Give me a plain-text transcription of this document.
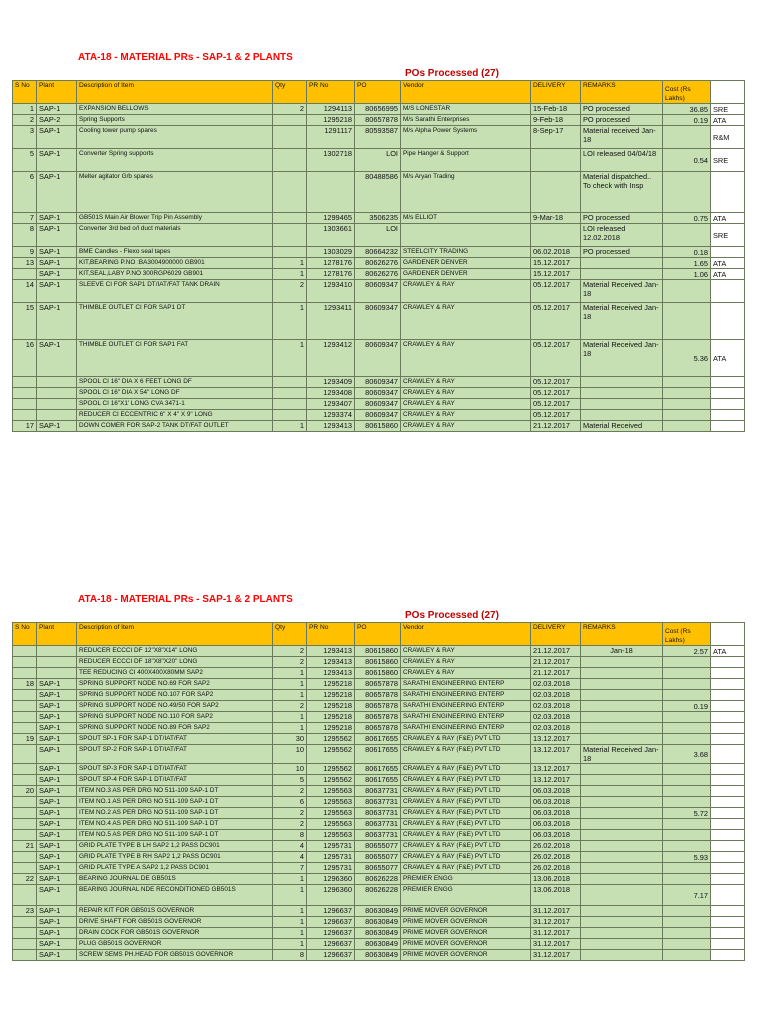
ATA-18 - MATERIAL PRs - SAP-1 & 2 PLANTS
POs Processed (27)
S No	Plant	Description of Item	Qty	PR No	PO	Vendor	DELIVERY	REMARKS	Cost (Rs Lakhs)	
1	SAP-1	EXPANSION BELLOWS	2	1294113	80656995	M/S LONESTAR	15-Feb-18	PO processed	36.85	SRE
2	SAP-2	Spring Supports		1295218	80657878	M/s Sarathi Enterprises	9-Feb-18	PO processed	0.19	ATA
3	SAP-1	Cooling tower pump spares		1291117	80593587	M/s Alpha Power Systems	8-Sep-17	Material received Jan-18		R&M
5	SAP-1	Converter Spring supports		1302718	LOI	Pipe Hanger & Support		LOI released 04/04/18	0.54	SRE
6	SAP-1	Melter agitator G/b spares			80488586	M/s Aryan Trading		Material dispatched.. To check with Insp		
7	SAP-1	GB501S Main Air Blower Trip Pin Assembly		1299465	3506235	M/s ELLIOT	9-Mar-18	PO processed	0.75	ATA
8	SAP-1	Converter 3rd bed o/l duct materials		1303661	LOI			LOI released 12.02.2018		SRE
9	SAP-1	BME Candles - Flexo seal tapes		1303029	80664232	STEELCITY TRADING	06.02.2018	PO processed	0.18	
13	SAP-1	KIT,BEARING P.NO :BA3004900000 GB901	1	1278176	80626276	GARDENER DENVER	15.12.2017		1.65	ATA
	SAP-1	KIT,SEAL,LABY P.NO 300RGP6029 GB901	1	1278176	80626276	GARDENER DENVER	15.12.2017		1.06	ATA
14	SAP-1	SLEEVE CI FOR SAP1 DT/IAT/FAT TANK DRAIN	2	1293410	80609347	CRAWLEY & RAY	05.12.2017	Material Received Jan-18		
15	SAP-1	THIMBLE OUTLET CI FOR SAP1 DT	1	1293411	80609347	CRAWLEY & RAY	05.12.2017	Material Received Jan-18		
16	SAP-1	THIMBLE OUTLET CI FOR SAP1 FAT	1	1293412	80609347	CRAWLEY & RAY	05.12.2017	Material Received Jan-18	5.36	ATA
		SPOOL CI 16" DIA X 6 FEET LONG DF		1293409	80609347	CRAWLEY & RAY	05.12.2017			
		SPOOL CI 16" DIA X 54" LONG DF		1293408	80609347	CRAWLEY & RAY	05.12.2017			
		SPOOL CI 16"X1' LONG CVA 3471-1		1293407	80609347	CRAWLEY & RAY	05.12.2017			
		REDUCER CI ECCENTRIC 6" X 4" X 9" LONG		1293374	80609347	CRAWLEY & RAY	05.12.2017			
17	SAP-1	DOWN COMER FOR SAP-2 TANK DT/FAT OUTLET	1	1293413	80615860	CRAWLEY & RAY	21.12.2017	Material Received		
ATA-18 - MATERIAL PRs - SAP-1 & 2 PLANTS
POs Processed (27)
S No	Plant	Description of Item	Qty	PR No	PO	Vendor	DELIVERY	REMARKS	Cost (Rs Lakhs)	
		REDUCER ECCCI DF 12"X8"X14" LONG	2	1293413	80615860	CRAWLEY & RAY	21.12.2017	Jan-18	2.57	ATA
		REDUCER ECCCI DF 18"X8"X20" LONG	2	1293413	80615860	CRAWLEY & RAY	21.12.2017			
		TEE REDUCING CI 400X400X80MM SAP2	1	1293413	80615860	CRAWLEY & RAY	21.12.2017			
18	SAP-1	SPRING SUPPORT NODE NO.69 FOR SAP2	1	1295218	80657878	SARATHI ENGINEERING ENTERP	02.03.2018			
	SAP-1	SPRING SUPPORT NODE NO.107 FOR SAP2	1	1295218	80657878	SARATHI ENGINEERING ENTERP	02.03.2018			
	SAP-1	SPRING SUPPORT NODE NO.49/50 FOR SAP2	2	1295218	80657878	SARATHI ENGINEERING ENTERP	02.03.2018		0.19	
	SAP-1	SPRING SUPPORT NODE NO.110 FOR SAP2	1	1295218	80657878	SARATHI ENGINEERING ENTERP	02.03.2018			
	SAP-1	SPRING SUPPORT NODE NO.89 FOR SAP2	1	1295218	80657878	SARATHI ENGINEERING ENTERP	02.03.2018			
19	SAP-1	SPOUT SP-1 FOR SAP-1 DT/IAT/FAT	30	1295562	80617655	CRAWLEY & RAY (F&E) PVT LTD	13.12.2017			
	SAP-1	SPOUT SP-2 FOR SAP-1 DT/IAT/FAT	10	1295562	80617655	CRAWLEY & RAY (F&E) PVT LTD	13.12.2017	Material Received Jan-18	3.68	
	SAP-1	SPOUT SP-3 FOR SAP-1 DT/IAT/FAT	10	1295562	80617655	CRAWLEY & RAY (F&E) PVT LTD	13.12.2017			
	SAP-1	SPOUT SP-4 FOR SAP-1 DT/IAT/FAT	5	1295562	80617655	CRAWLEY & RAY (F&E) PVT LTD	13.12.2017			
20	SAP-1	ITEM NO.3 AS PER DRG NO 511-109 SAP-1 DT	2	1295563	80637731	CRAWLEY & RAY (F&E) PVT LTD	06.03.2018			
	SAP-1	ITEM NO.1 AS PER DRG NO 511-109 SAP-1 DT	6	1295563	80637731	CRAWLEY & RAY (F&E) PVT LTD	06.03.2018			
	SAP-1	ITEM NO.2 AS PER DRG NO 511-109 SAP-1 DT	2	1295563	80637731	CRAWLEY & RAY (F&E) PVT LTD	06.03.2018		5.72	
	SAP-1	ITEM NO.4 AS PER DRG NO 511-109 SAP-1 DT	2	1295563	80637731	CRAWLEY & RAY (F&E) PVT LTD	06.03.2018			
	SAP-1	ITEM NO.5 AS PER DRG NO 511-109 SAP-1 DT	8	1295563	80637731	CRAWLEY & RAY (F&E) PVT LTD	06.03.2018			
21	SAP-1	GRID PLATE TYPE B LH SAP2 1,2 PASS DC901	4	1295731	80655077	CRAWLEY & RAY (F&E) PVT LTD	26.02.2018			
	SAP-1	GRID PLATE TYPE B RH SAP2 1,2 PASS DC901	4	1295731	80655077	CRAWLEY & RAY (F&E) PVT LTD	26.02.2018		5.93	
	SAP-1	GRID PLATE TYPE A SAP2 1,2 PASS DC901	7	1295731	80655077	CRAWLEY & RAY (F&E) PVT LTD	26.02.2018			
22	SAP-1	BEARING JOURNAL DE GB501S	1	1296360	80626228	PREMIER ENGG	13.06.2018			
	SAP-1	BEARING JOURNAL NDE RECONDITIONED GB501S	1	1296360	80626228	PREMIER ENGG	13.06.2018		7.17	
23	SAP-1	REPAIR KIT FOR GB501S GOVERNOR	1	1296637	80630849	PRIME MOVER GOVERNOR	31.12.2017			
	SAP-1	DRIVE SHAFT FOR GB501S GOVERNOR	1	1296637	80630849	PRIME MOVER GOVERNOR	31.12.2017			
	SAP-1	DRAIN COCK FOR GB501S GOVERNOR	1	1296637	80630849	PRIME MOVER GOVERNOR	31.12.2017			
	SAP-1	PLUG GB501S GOVERNOR	1	1296637	80630849	PRIME MOVER GOVERNOR	31.12.2017			
	SAP-1	SCREW SEMS PH.HEAD FOR GB501S GOVERNOR	8	1296637	80630849	PRIME MOVER GOVERNOR	31.12.2017			
